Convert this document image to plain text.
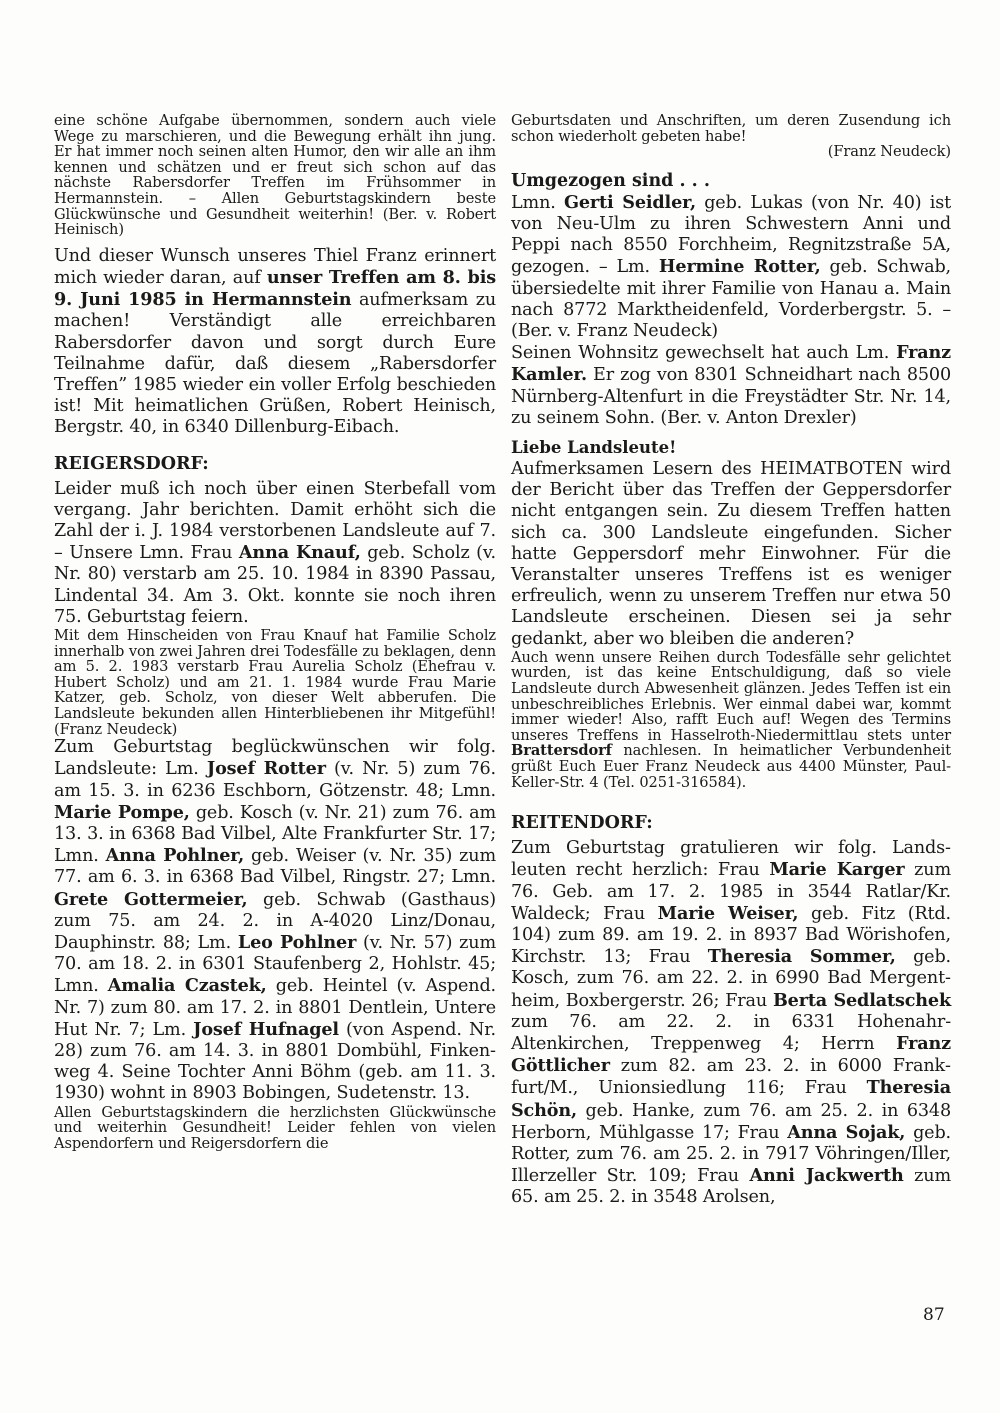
eine schöne Aufgabe übernommen, sondern auch viele Wege zu marschieren, und die Bewegung erhält ihn jung. Er hat immer noch seinen alten Humor, den wir alle an ihm kennen und schätzen und er freut sich schon auf das nächste Rabersdorfer Treffen im Frühsommer in Hermannstein. – Allen Geburtstagskindern beste Glückwünsche und Gesundheit weiterhin! (Ber. v. Robert Heinisch)

Und dieser Wunsch unseres Thiel Franz erinnert mich wieder daran, auf unser Treffen am 8. bis 9. Juni 1985 in Hermannstein aufmerksam zu machen! Verständigt alle erreichbaren Rabersdorfer davon und sorgt durch Eure Teilnahme dafür, daß diesem „Rabersdorfer Treffen” 1985 wieder ein voller Erfolg beschieden ist! Mit heimatlichen Grüßen, Robert Heinisch, Bergstr. 40, in 6340 Dillenburg-Eibach.

REIGERSDORF:

Leider muß ich noch über einen Sterbefall vom vergang. Jahr berichten. Damit erhöht sich die Zahl der i. J. 1984 verstorbenen Landsleute auf 7. – Unsere Lmn. Frau Anna Knauf, geb. Scholz (v. Nr. 80) verstarb am 25. 10. 1984 in 8390 Passau, Lindental 34. Am 3. Okt. konnte sie noch ihren 75. Geburtstag feiern.

Mit dem Hinscheiden von Frau Knauf hat Familie Scholz innerhalb von zwei Jahren drei Todesfälle zu beklagen, denn am 5. 2. 1983 verstarb Frau Aurelia Scholz (Ehefrau v. Hubert Scholz) und am 21. 1. 1984 wurde Frau Marie Katzer, geb. Scholz, von dieser Welt abberufen. Die Landsleute bekunden allen Hinterbliebenen ihr Mitgefühl! (Franz Neudeck)

Zum Geburtstag beglückwünschen wir folg. Landsleute: Lm. Josef Rotter (v. Nr. 5) zum 76. am 15. 3. in 6236 Eschborn, Götzenstr. 48; Lmn. Marie Pompe, geb. Kosch (v. Nr. 21) zum 76. am 13. 3. in 6368 Bad Vilbel, Alte Frankfurter Str. 17; Lmn. Anna Pohlner, geb. Weiser (v. Nr. 35) zum 77. am 6. 3. in 6368 Bad Vilbel, Ringstr. 27; Lmn. Grete Gottermeier, geb. Schwab (Gasthaus) zum 75. am 24. 2. in A-4020 Linz/Donau, Dauphinstr. 88; Lm. Leo Pohlner (v. Nr. 57) zum 70. am 18. 2. in 6301 Staufenberg 2, Hohlstr. 45; Lmn. Amalia Czastek, geb. Heintel (v. Aspend. Nr. 7) zum 80. am 17. 2. in 8801 Dentlein, Untere Hut Nr. 7; Lm. Josef Hufnagel (von Aspend. Nr. 28) zum 76. am 14. 3. in 8801 Dombühl, Finkenweg 4. Seine Tochter Anni Böhm (geb. am 11. 3. 1930) wohnt in 8903 Bobingen, Sudetenstr. 13.

Allen Geburtstagskindern die herzlichsten Glückwünsche und weiterhin Gesundheit! Leider fehlen von vielen Aspendorfern und Reigersdorfern die

Geburtsdaten und Anschriften, um deren Zusendung ich schon wiederholt gebeten habe!

(Franz Neudeck)

Umgezogen sind . . .

Lmn. Gerti Seidler, geb. Lukas (von Nr. 40) ist von Neu-Ulm zu ihren Schwestern Anni und Peppi nach 8550 Forchheim, Regnitzstraße 5A, gezogen. – Lm. Hermine Rotter, geb. Schwab, übersiedelte mit ihrer Familie von Hanau a. Main nach 8772 Marktheidenfeld, Vorderbergstr. 5. – (Ber. v. Franz Neudeck)

Seinen Wohnsitz gewechselt hat auch Lm. Franz Kamler. Er zog von 8301 Schneidhart nach 8500 Nürnberg-Altenfurt in die Freystädter Str. Nr. 14, zu seinem Sohn. (Ber. v. Anton Drexler)

Liebe Landsleute!

Aufmerksamen Lesern des HEIMATBOTEN wird der Bericht über das Treffen der Geppersdorfer nicht entgangen sein. Zu diesem Treffen hatten sich ca. 300 Landsleute eingefunden. Sicher hatte Geppersdorf mehr Einwohner. Für die Veranstalter unseres Treffens ist es weniger erfreulich, wenn zu unserem Treffen nur etwa 50 Landsleute erscheinen. Diesen sei ja sehr gedankt, aber wo bleiben die anderen?

Auch wenn unsere Reihen durch Todesfälle sehr gelichtet wurden, ist das keine Entschuldigung, daß so viele Landsleute durch Abwesenheit glänzen. Jedes Teffen ist ein unbeschreibliches Erlebnis. Wer einmal dabei war, kommt immer wieder! Also, rafft Euch auf! Wegen des Termins unseres Treffens in Hasselroth-Niedermittlau stets unter Brattersdorf nachlesen. In heimatlicher Verbundenheit grüßt Euch Euer Franz Neudeck aus 4400 Münster, Paul-Keller-Str. 4 (Tel. 0251-316584).

REITENDORF:

Zum Geburtstag gratulieren wir folg. Landsleuten recht herzlich: Frau Marie Karger zum 76. Geb. am 17. 2. 1985 in 3544 Ratlar/Kr. Waldeck; Frau Marie Weiser, geb. Fitz (Rtd. 104) zum 89. am 19. 2. in 8937 Bad Wörishofen, Kirchstr. 13; Frau Theresia Sommer, geb. Kosch, zum 76. am 22. 2. in 6990 Bad Mergentheim, Boxbergerstr. 26; Frau Berta Sedlatschek zum 76. am 22. 2. in 6331 Hohenahr-Altenkirchen, Treppenweg 4; Herrn Franz Göttlicher zum 82. am 23. 2. in 6000 Frankfurt/M., Unionsiedlung 116; Frau Theresia Schön, geb. Hanke, zum 76. am 25. 2. in 6348 Herborn, Mühlgasse 17; Frau Anna Sojak, geb. Rotter, zum 76. am 25. 2. in 7917 Vöhringen/Iller, Illerzeller Str. 109; Frau Anni Jackwerth zum 65. am 25. 2. in 3548 Arolsen,

87
